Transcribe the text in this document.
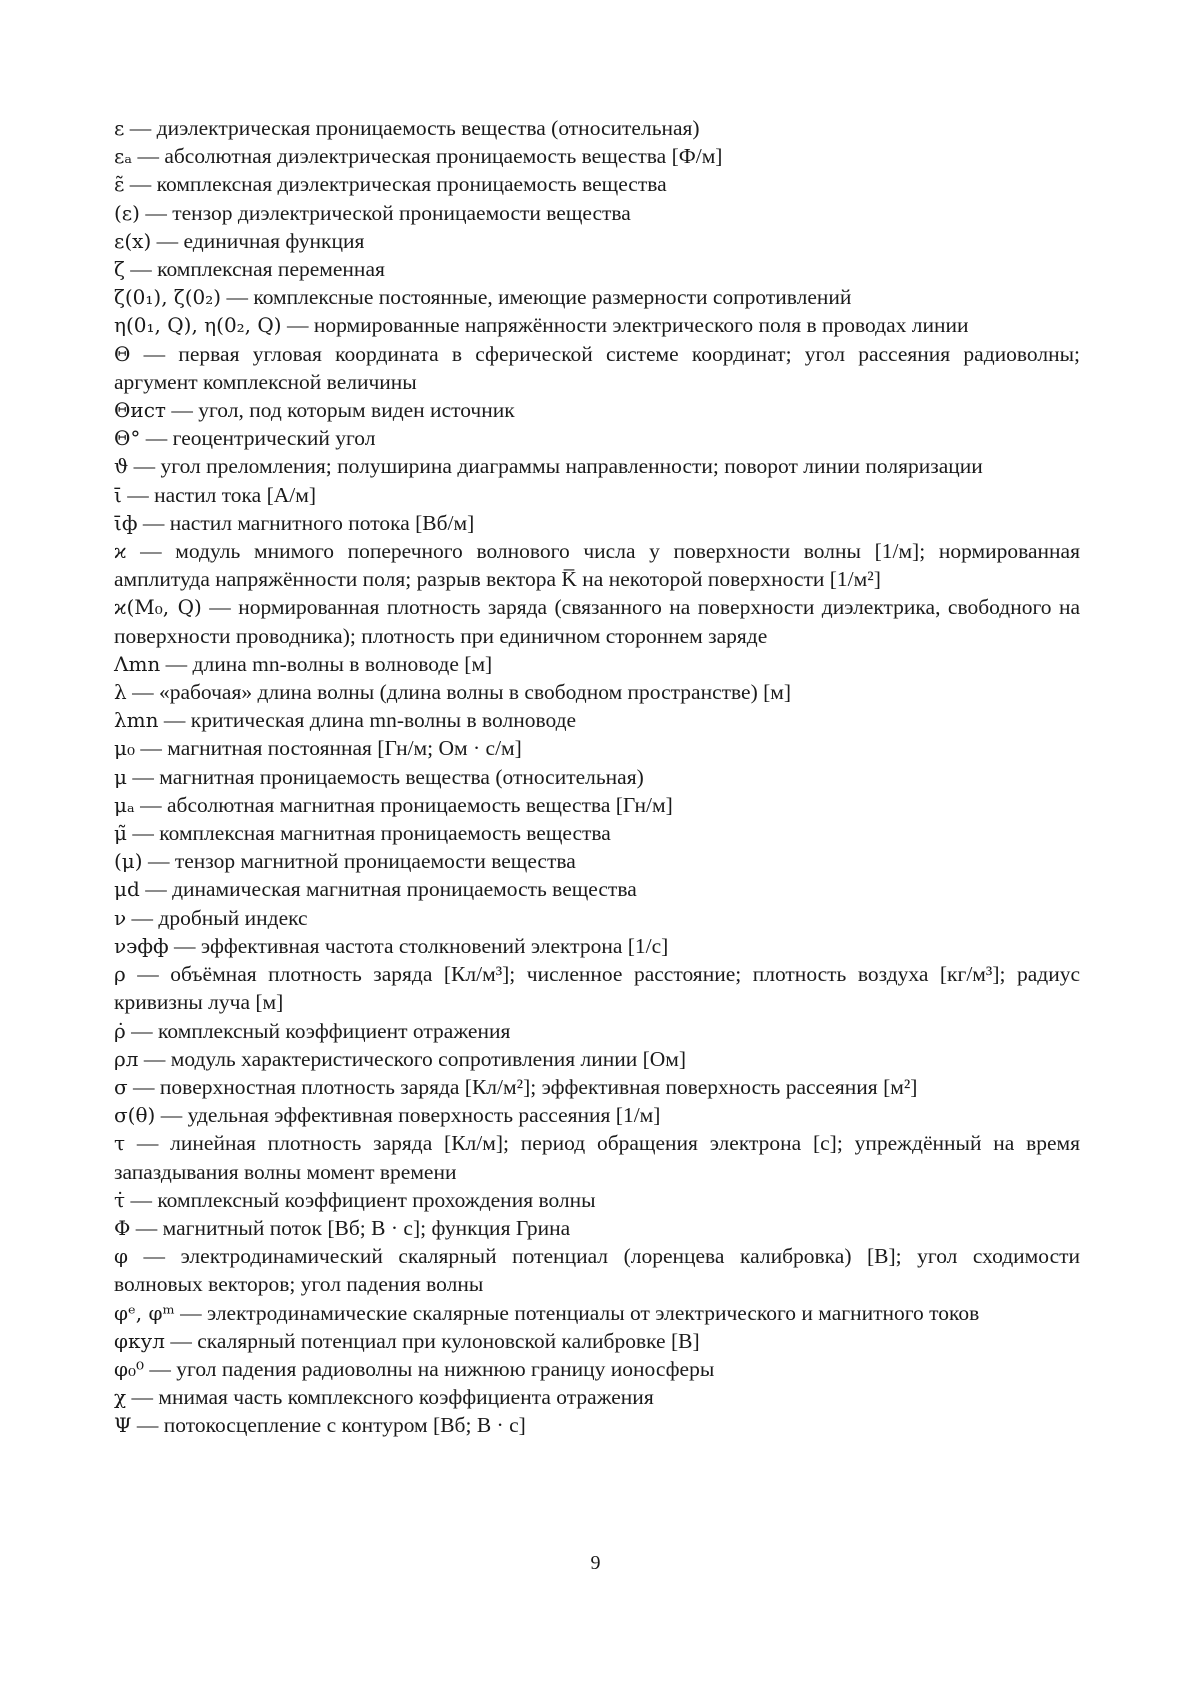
ε — диэлектрическая проницаемость вещества (относительная)
εₐ — абсолютная диэлектрическая проницаемость вещества [Ф/м]
ε̃ — комплексная диэлектрическая проницаемость вещества
(ε) — тензор диэлектрической проницаемости вещества
ε(x) — единичная функция
ζ — комплексная переменная
ζ(0₁), ζ(0₂) — комплексные постоянные, имеющие размерности сопротивлений
η(0₁, Q), η(0₂, Q) — нормированные напряжённости электрического поля в проводах линии
Θ — первая угловая координата в сферической системе координат; угол рассеяния радиоволны; аргумент комплексной величины
Θист — угол, под которым виден источник
Θ° — геоцентрический угол
ϑ — угол преломления; полуширина диаграммы направленности; поворот линии поляризации
ῑ — настил тока [А/м]
ῑф — настил магнитного потока [Вб/м]
ϰ — модуль мнимого поперечного волнового числа у поверхности волны [1/м]; нормированная амплитуда напряжённости поля; разрыв вектора K̅ на некоторой поверхности [1/м²]
ϰ(M₀, Q) — нормированная плотность заряда (связанного на поверхности диэлектрика, свободного на поверхности проводника); плотность при единичном стороннем заряде
Λmn — длина mn-волны в волноводе [м]
λ — «рабочая» длина волны (длина волны в свободном пространстве) [м]
λmn — критическая длина mn-волны в волноводе
μ₀ — магнитная постоянная [Гн/м; Ом · с/м]
μ — магнитная проницаемость вещества (относительная)
μₐ — абсолютная магнитная проницаемость вещества [Гн/м]
μ̃ — комплексная магнитная проницаемость вещества
(μ) — тензор магнитной проницаемости вещества
μd — динамическая магнитная проницаемость вещества
ν — дробный индекс
νэфф — эффективная частота столкновений электрона [1/с]
ρ — объёмная плотность заряда [Кл/м³]; численное расстояние; плотность воздуха [кг/м³]; радиус кривизны луча [м]
ρ̇ — комплексный коэффициент отражения
ρл — модуль характеристического сопротивления линии [Ом]
σ — поверхностная плотность заряда [Кл/м²]; эффективная поверхность рассеяния [м²]
σ(θ) — удельная эффективная поверхность рассеяния [1/м]
τ — линейная плотность заряда [Кл/м]; период обращения электрона [с]; упреждённый на время запаздывания волны момент времени
τ̇ — комплексный коэффициент прохождения волны
Φ — магнитный поток [Вб; В · с]; функция Грина
φ — электродинамический скалярный потенциал (лоренцева калибровка) [В]; угол сходимости волновых векторов; угол падения волны
φᵉ, φᵐ — электродинамические скалярные потенциалы от электрического и магнитного токов
φкул — скалярный потенциал при кулоновской калибровке [В]
φ₀⁰ — угол падения радиоволны на нижнюю границу ионосферы
χ — мнимая часть комплексного коэффициента отражения
Ψ — потокосцепление с контуром [Вб; В · с]
9
